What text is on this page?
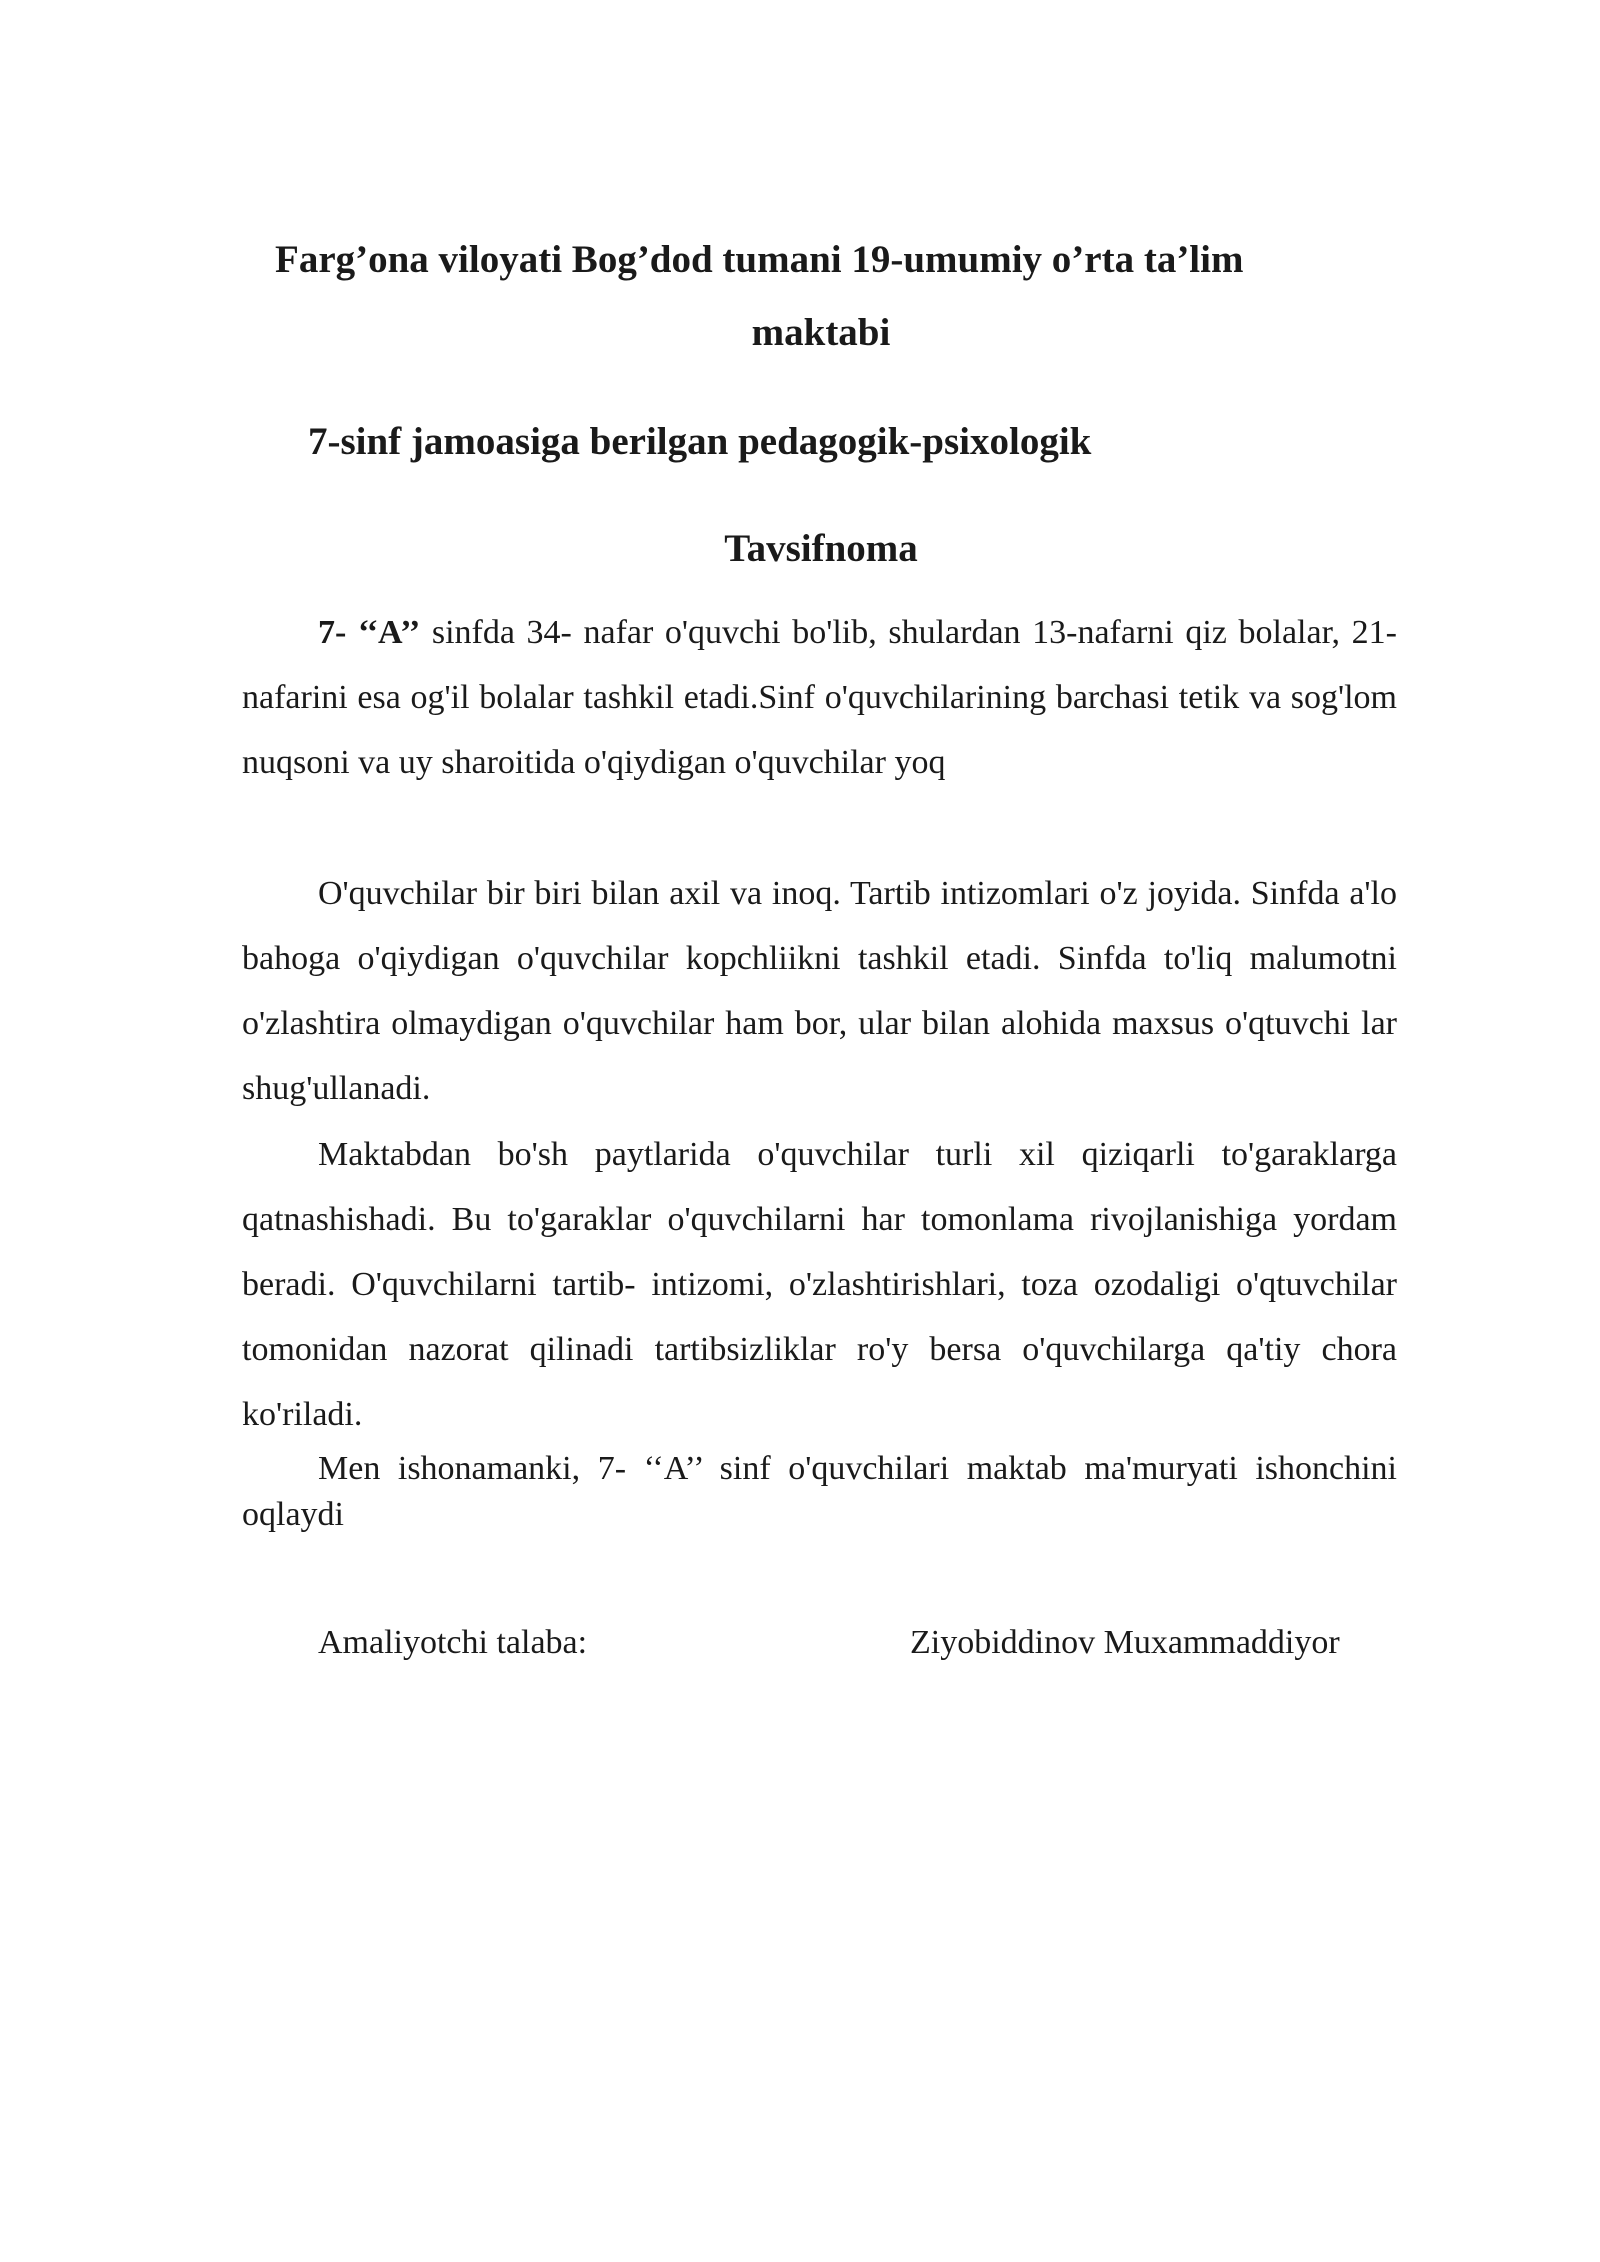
Farg’ona viloyati Bog’dod tumani 19-umumiy o’rta ta’lim
maktabi
7-sinf jamoasiga berilgan pedagogik-psixologik
Tavsifnoma

7- ‘‘A’’ sinfda 34- nafar o'quvchi bo'lib, shulardan 13-nafarni qiz bolalar, 21- nafarini esa og'il bolalar tashkil etadi.Sinf o'quvchilarining barchasi tetik va sog'lom nuqsoni va uy sharoitida o'qiydigan o'quvchilar yoq

O'quvchilar bir biri bilan axil va inoq. Tartib intizomlari o'z joyida. Sinfda a'lo bahoga o'qiydigan o'quvchilar kopchliikni tashkil etadi. Sinfda to'liq malumotni o'zlashtira olmaydigan o'quvchilar ham bor, ular bilan alohida maxsus o'qtuvchi lar shug'ullanadi.

Maktabdan bo'sh paytlarida o'quvchilar turli xil qiziqarli to'garaklarga qatnashishadi. Bu to'garaklar o'quvchilarni har tomonlama rivojlanishiga yordam beradi. O'quvchilarni tartib- intizomi, o'zlashtirishlari, toza ozodaligi o'qtuvchilar tomonidan nazorat qilinadi tartibsizliklar ro'y bersa o'quvchilarga qa'tiy chora ko'riladi.

Men ishonamanki, 7- ‘‘A’’ sinf o'quvchilari maktab ma'muryati ishonchini oqlaydi

Amaliyotchi talaba:	Ziyobiddinov Muxammaddiyor
